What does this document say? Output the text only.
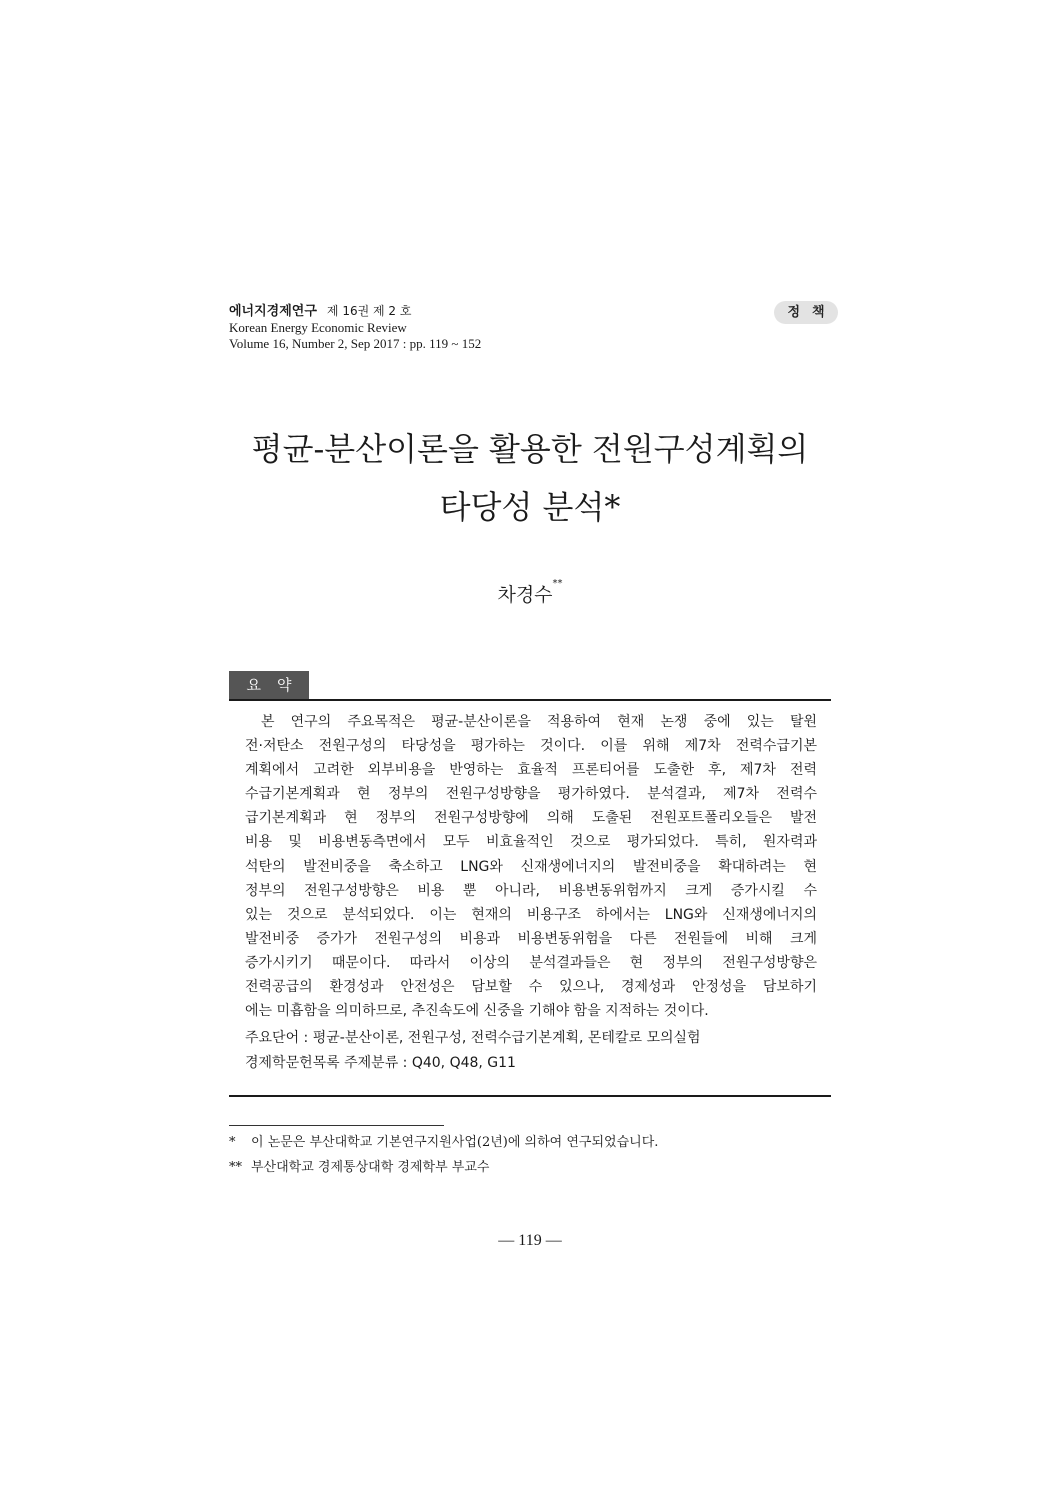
에너지경제연구 제 16권 제 2 호
Korean Energy Economic Review
Volume 16, Number 2, Sep 2017 : pp. 119 ~ 152
정책
평균-분산이론을 활용한 전원구성계획의
타당성 분석*
차경수**
요약
본 연구의 주요목적은 평균-분산이론을 적용하여 현재 논쟁 중에 있는 탈원
전·저탄소 전원구성의 타당성을 평가하는 것이다. 이를 위해 제7차 전력수급기본
계획에서 고려한 외부비용을 반영하는 효율적 프론티어를 도출한 후, 제7차 전력
수급기본계획과 현 정부의 전원구성방향을 평가하였다. 분석결과, 제7차 전력수
급기본계획과 현 정부의 전원구성방향에 의해 도출된 전원포트폴리오들은 발전
비용 및 비용변동측면에서 모두 비효율적인 것으로 평가되었다. 특히, 원자력과
석탄의 발전비중을 축소하고 LNG와 신재생에너지의 발전비중을 확대하려는 현
정부의 전원구성방향은 비용 뿐 아니라, 비용변동위험까지 크게 증가시킬 수
있는 것으로 분석되었다. 이는 현재의 비용구조 하에서는 LNG와 신재생에너지의
발전비중 증가가 전원구성의 비용과 비용변동위험을 다른 전원들에 비해 크게
증가시키기 때문이다. 따라서 이상의 분석결과들은 현 정부의 전원구성방향은
전력공급의 환경성과 안전성은 담보할 수 있으나, 경제성과 안정성을 담보하기
에는 미흡함을 의미하므로, 추진속도에 신중을 기해야 함을 지적하는 것이다.
주요단어 : 평균-분산이론, 전원구성, 전력수급기본계획, 몬테칼로 모의실험
경제학문헌목록 주제분류 : Q40, Q48, G11
* 이 논문은 부산대학교 기본연구지원사업(2년)에 의하여 연구되었습니다.
** 부산대학교 경제통상대학 경제학부 부교수
— 119 —
